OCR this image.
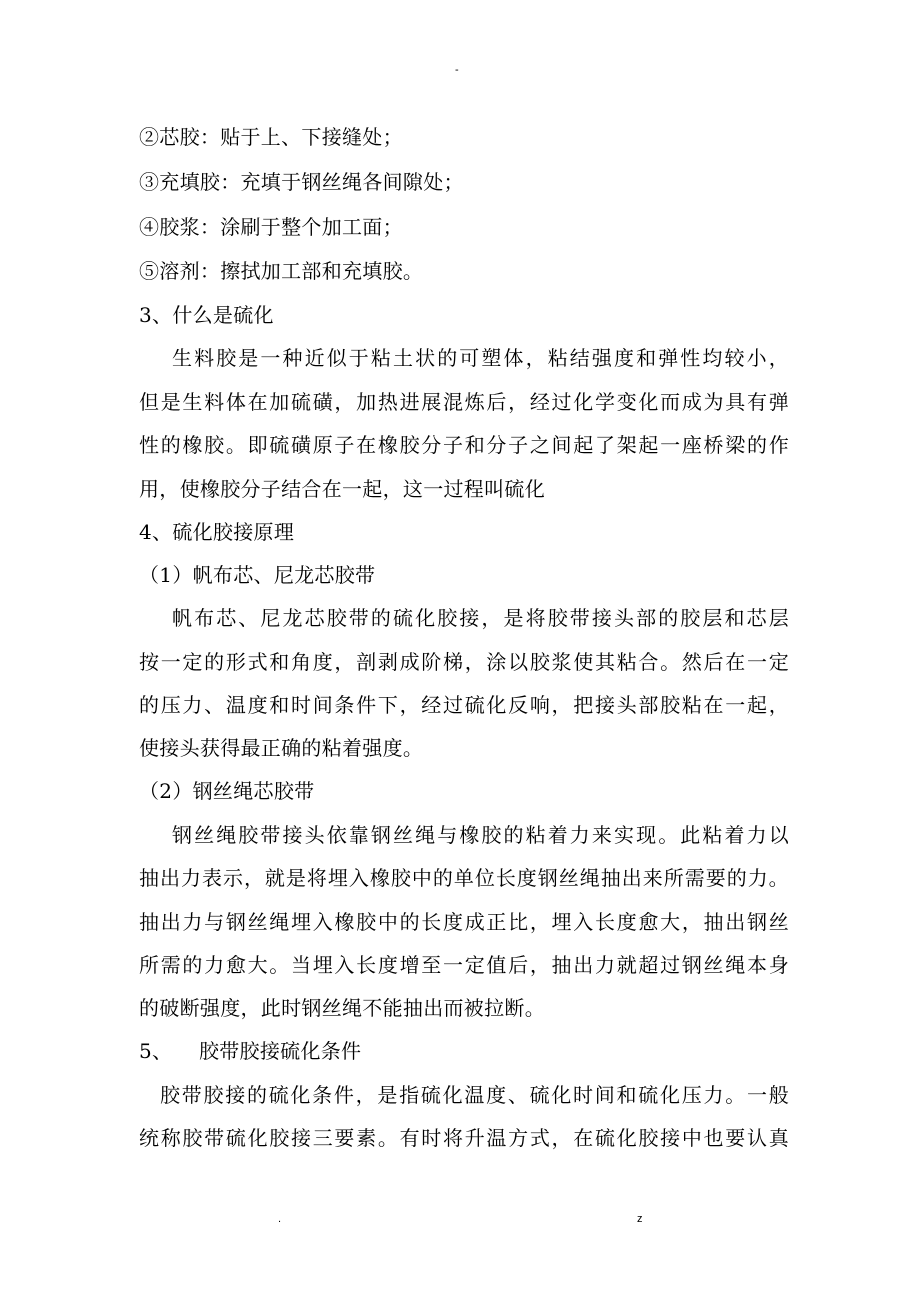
-
②芯胶：贴于上、下接缝处；
③充填胶：充填于钢丝绳各间隙处；
④胶浆：涂刷于整个加工面；
⑤溶剂：擦拭加工部和充填胶。
3、什么是硫化
生料胶是一种近似于粘土状的可塑体，粘结强度和弹性均较小，
但是生料体在加硫磺，加热进展混炼后，经过化学变化而成为具有弹
性的橡胶。即硫磺原子在橡胶分子和分子之间起了架起一座桥梁的作
用，使橡胶分子结合在一起，这一过程叫硫化
4、硫化胶接原理
（1）帆布芯、尼龙芯胶带
帆布芯、尼龙芯胶带的硫化胶接，是将胶带接头部的胶层和芯层
按一定的形式和角度，剖剥成阶梯，涂以胶浆使其粘合。然后在一定
的压力、温度和时间条件下，经过硫化反响，把接头部胶粘在一起，
使接头获得最正确的粘着强度。
（2）钢丝绳芯胶带
钢丝绳胶带接头依靠钢丝绳与橡胶的粘着力来实现。此粘着力以
抽出力表示，就是将埋入橡胶中的单位长度钢丝绳抽出来所需要的力。
抽出力与钢丝绳埋入橡胶中的长度成正比，埋入长度愈大，抽出钢丝
所需的力愈大。当埋入长度增至一定值后，抽出力就超过钢丝绳本身
的破断强度，此时钢丝绳不能抽出而被拉断。
5、    胶带胶接硫化条件
胶带胶接的硫化条件，是指硫化温度、硫化时间和硫化压力。一般
统称胶带硫化胶接三要素。有时将升温方式，在硫化胶接中也要认真
.	z
